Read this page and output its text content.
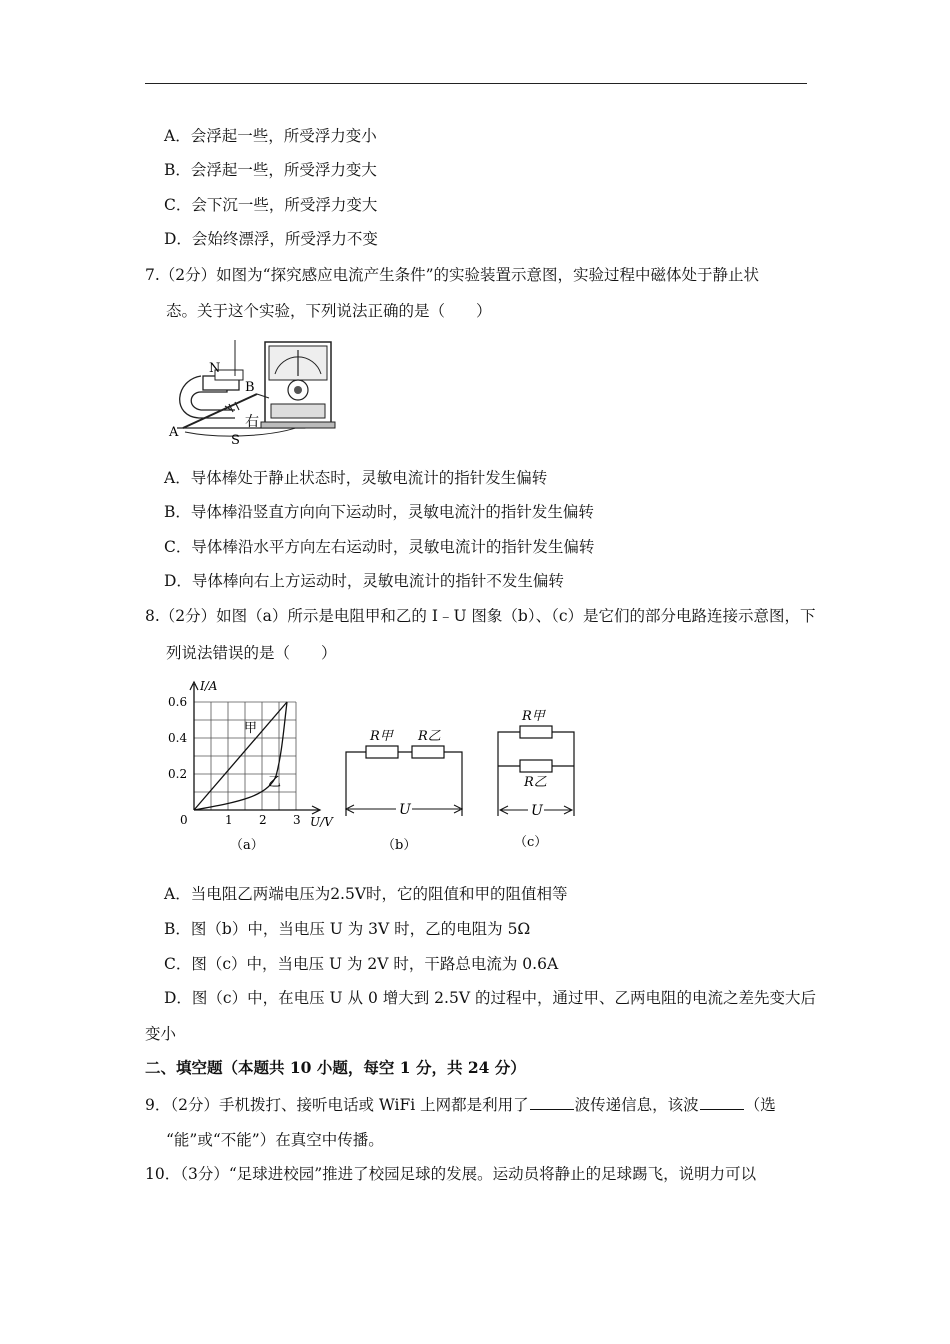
A．会浮起一些，所受浮力变小
B．会浮起一些，所受浮力变大
C．会下沉一些，所受浮力变大
D．会始终漂浮，所受浮力不变
7.（2分）如图为“探究感应电流产生条件”的实验装置示意图，实验过程中磁体处于静止状
态。关于这个实验，下列说法正确的是（　　）
N
S
A
B
右
A．导体棒处于静止状态时，灵敏电流计的指针发生偏转
B．导体棒沿竖直方向向下运动时，灵敏电流汁的指针发生偏转
C．导体棒沿水平方向左右运动时，灵敏电流计的指针发生偏转
D．导体棒向右上方运动时，灵敏电流计的指针不发生偏转
8.（2分）如图（a）所示是电阻甲和乙的 I﹣U 图象（b）、（c）是它们的部分电路连接示意图，下
列说法错误的是（　　）
I/A
U/V
0.6
0.4
0.2
0	1 2 3
甲
乙
（a）
R甲 R乙
U
（b）
R甲
R乙
U
（c）
A．当电阻乙两端电压为2.5V时，它的阻值和甲的阻值相等
B．图（b）中，当电压 U 为 3V 时，乙的电阻为 5Ω
C．图（c）中，当电压 U 为 2V 时，干路总电流为 0.6A
D．图（c）中，在电压 U 从 0 增大到 2.5V 的过程中，通过甲、乙两电阻的电流之差先变大后
变小
二、填空题（本题共 10 小题，每空 1 分，共 24 分）
9．（2分）手机拨打、接听电话或 WiFi 上网都是利用了	波传递信息，该波	（选
“能”或“不能”）在真空中传播。
10．（3分）“足球进校园”推进了校园足球的发展。运动员将静止的足球踢飞，说明力可以
